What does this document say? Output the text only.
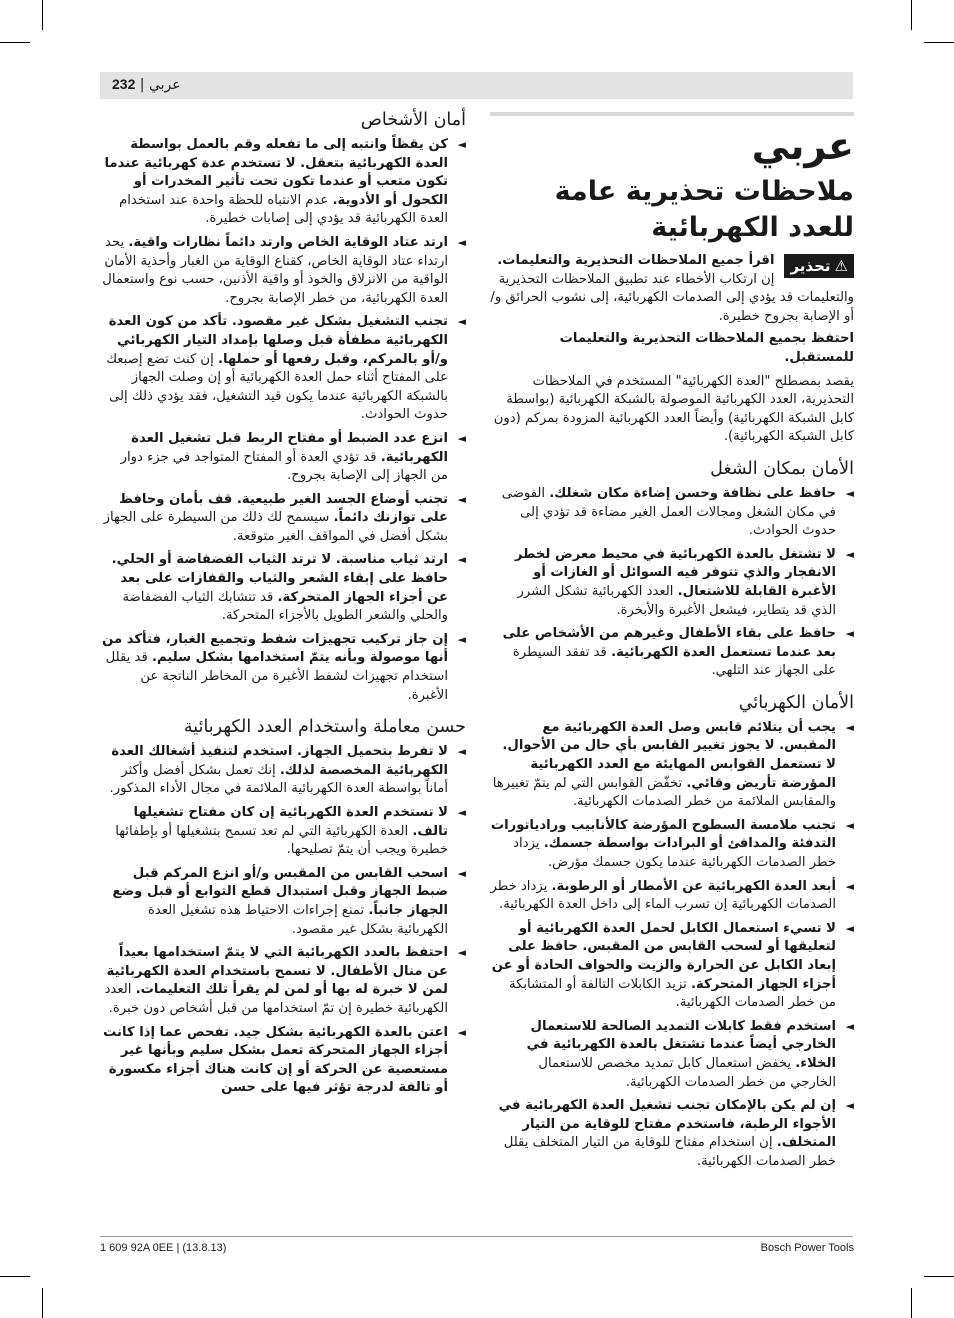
232 | عربي
أمان الأشخاص
◄ كن يقظاً وانتبه إلى ما تفعله وقم بالعمل بواسطة العدة الكهربائية بتعقل. لا تستخدم عدة كهربائية عندما تكون متعب أو عندما تكون تحت تأثير المخدرات أو الكحول أو الأدوية. عدم الانتباه للحظة واحدة عند استخدام العدة الكهربائية قد يؤدي إلى إصابات خطيرة.
◄ ارتد عتاد الوقاية الخاص وارتد دائماً نظارات واقية. يحد ارتداء عتاد الوقاية الخاص، كقناع الوقاية من الغبار وأحذية الأمان الواقية من الانزلاق والخوذ أو واقية الأذنين، حسب نوع واستعمال العدة الكهربائية، من خطر الإصابة بجروح.
◄ تجنب التشغيل بشكل غير مقصود. تأكد من كون العدة الكهربائية مطفأة قبل وصلها بإمداد التيار الكهربائي و/أو بالمركم، وقبل رفعها أو حملها. إن كنت تضع إصبعك على المفتاح أثناء حمل العدة الكهربائية أو إن وصلت الجهاز بالشبكة الكهربائية عندما يكون قيد التشغيل، فقد يؤدي ذلك إلى حدوث الحوادث.
◄ انزع عدد الضبط أو مفتاح الربط قبل تشغيل العدة الكهربائية. قد تؤدي العدة أو المفتاح المتواجد في جزء دوار من الجهاز إلى الإصابة بجروح.
◄ تجنب أوضاع الجسد الغير طبيعية. قف بأمان وحافظ على توازنك دائماً. سيسمح لك ذلك من السيطرة على الجهاز بشكل أفضل في المواقف الغير متوقعة.
◄ ارتد ثياب مناسبة. لا ترتد الثياب الفضفاضة أو الحلي. حافظ على إبقاء الشعر والثياب والقفازات على بعد عن أجزاء الجهاز المتحركة. قد تتشابك الثياب الفضفاضة والحلي والشعر الطويل بالأجزاء المتحركة.
◄ إن جاز تركيب تجهيزات شفط وتجميع الغبار، فتأكد من أنها موصولة وبأنه يتمّ استخدامها بشكل سليم. قد يقلل استخدام تجهيزات لشفط الأغبرة من المخاطر الناتجة عن الأغبرة.
حسن معاملة واستخدام العدد الكهربائية
◄ لا تفرط بتحميل الجهاز. استخدم لتنفيذ أشغالك العدة الكهربائية المخصصة لذلك. إنك تعمل بشكل أفضل وأكثر أماناً بواسطة العدة الكهربائية الملائمة في مجال الأداء المذكور.
◄ لا تستخدم العدة الكهربائية إن كان مفتاح تشغيلها تالف. العدة الكهربائية التي لم تعد تسمح بتشغيلها أو بإطفائها خطيرة ويجب أن يتمّ تصليحها.
◄ اسحب القابس من المقبس و/أو انزع المركم قبل ضبط الجهاز وقبل استبدال قطع التوابع أو قبل وضع الجهاز جانباً. تمنع إجراءات الاحتياط هذه تشغيل العدة الكهربائية بشكل غير مقصود.
◄ احتفظ بالعدد الكهربائية التي لا يتمّ استخدامها بعيداً عن منال الأطفال. لا تسمح باستخدام العدة الكهربائية لمن لا خبرة له بها أو لمن لم يقرأ تلك التعليمات. العدد الكهربائية خطيرة إن تمّ استخدامها من قبل أشخاص دون خبرة.
◄ اعتن بالعدة الكهربائية بشكل جيد. تفحص عما إذا كانت أجزاء الجهاز المتحركة تعمل بشكل سليم وبأنها غير مستعصية عن الحركة أو إن كانت هناك أجزاء مكسورة أو تالفة لدرجة تؤثر فيها على حسن
عربي
ملاحظات تحذيرية عامة للعدد الكهربائية
⚠تحذير
اقرأ جميع الملاحظات التحذيرية والتعليمات. إن ارتكاب الأخطاء عند تطبيق الملاحظات التحذيرية والتعليمات قد يؤدي إلى الصدمات الكهربائية، إلى نشوب الحرائق و/أو الإصابة بجروح خطيرة.
احتفظ بجميع الملاحظات التحذيرية والتعليمات للمستقبل.
يقصد بمصطلح "العدة الكهربائية" المستخدم في الملاحظات التحذيرية، العدد الكهربائية الموصولة بالشبكة الكهربائية (بواسطة كابل الشبكة الكهربائية) وأيضاً العدد الكهربائية المزودة بمركم (دون كابل الشبكة الكهربائية).
الأمان بمكان الشغل
◄ حافظ على نظافة وحسن إضاءة مكان شغلك. الفوضى في مكان الشغل ومجالات العمل الغير مضاءة قد تؤدي إلى حدوث الحوادث.
◄ لا تشتغل بالعدة الكهربائية في محيط معرض لخطر الانفجار والذي تتوفر فيه السوائل أو الغازات أو الأغبرة القابلة للاشتعال. العدد الكهربائية تشكل الشرر الذي قد يتطاير، فيشعل الأغبرة والأبخرة.
◄ حافظ على بقاء الأطفال وغيرهم من الأشخاص على بعد عندما تستعمل العدة الكهربائية. قد تفقد السيطرة على الجهاز عند التلهي.
الأمان الكهربائي
◄ يجب أن يتلائم قابس وصل العدة الكهربائية مع المقبس. لا يجوز تغيير القابس بأي حال من الأحوال. لا تستعمل القوابس المهايئة مع العدد الكهربائية المؤرضة تأريض وقائي. تخفّض القوابس التي لم يتمّ تغييرها والمقابس الملائمة من خطر الصدمات الكهربائية.
◄ تجنب ملامسة السطوح المؤرضة كالأنابيب ورادياتورات التدفئة والمدافئ أو البرادات بواسطة جسمك. يزداد خطر الصدمات الكهربائية عندما يكون جسمك مؤرض.
◄ أبعد العدة الكهربائية عن الأمطار أو الرطوبة. يزداد خطر الصدمات الكهربائية إن تسرب الماء إلى داخل العدة الكهربائية.
◄ لا تسيء استعمال الكابل لحمل العدة الكهربائية أو لتعليقها أو لسحب القابس من المقبس. حافظ على إبعاد الكابل عن الحرارة والزيت والحواف الحادة أو عن أجزاء الجهاز المتحركة. تزيد الكابلات التالفة أو المتشابكة من خطر الصدمات الكهربائية.
◄ استخدم فقط كابلات التمديد الصالحة للاستعمال الخارجي أيضاً عندما تشتغل بالعدة الكهربائية في الخلاء. يخفض استعمال كابل تمديد مخصص للاستعمال الخارجي من خطر الصدمات الكهربائية.
◄ إن لم يكن بالإمكان تجنب تشغيل العدة الكهربائية في الأجواء الرطبة، فاستخدم مفتاح للوقاية من التيار المتخلف. إن استخدام مفتاح للوقاية من التيار المتخلف يقلل خطر الصدمات الكهربائية.
1 609 92A 0EE | (13.8.13)	Bosch Power Tools
